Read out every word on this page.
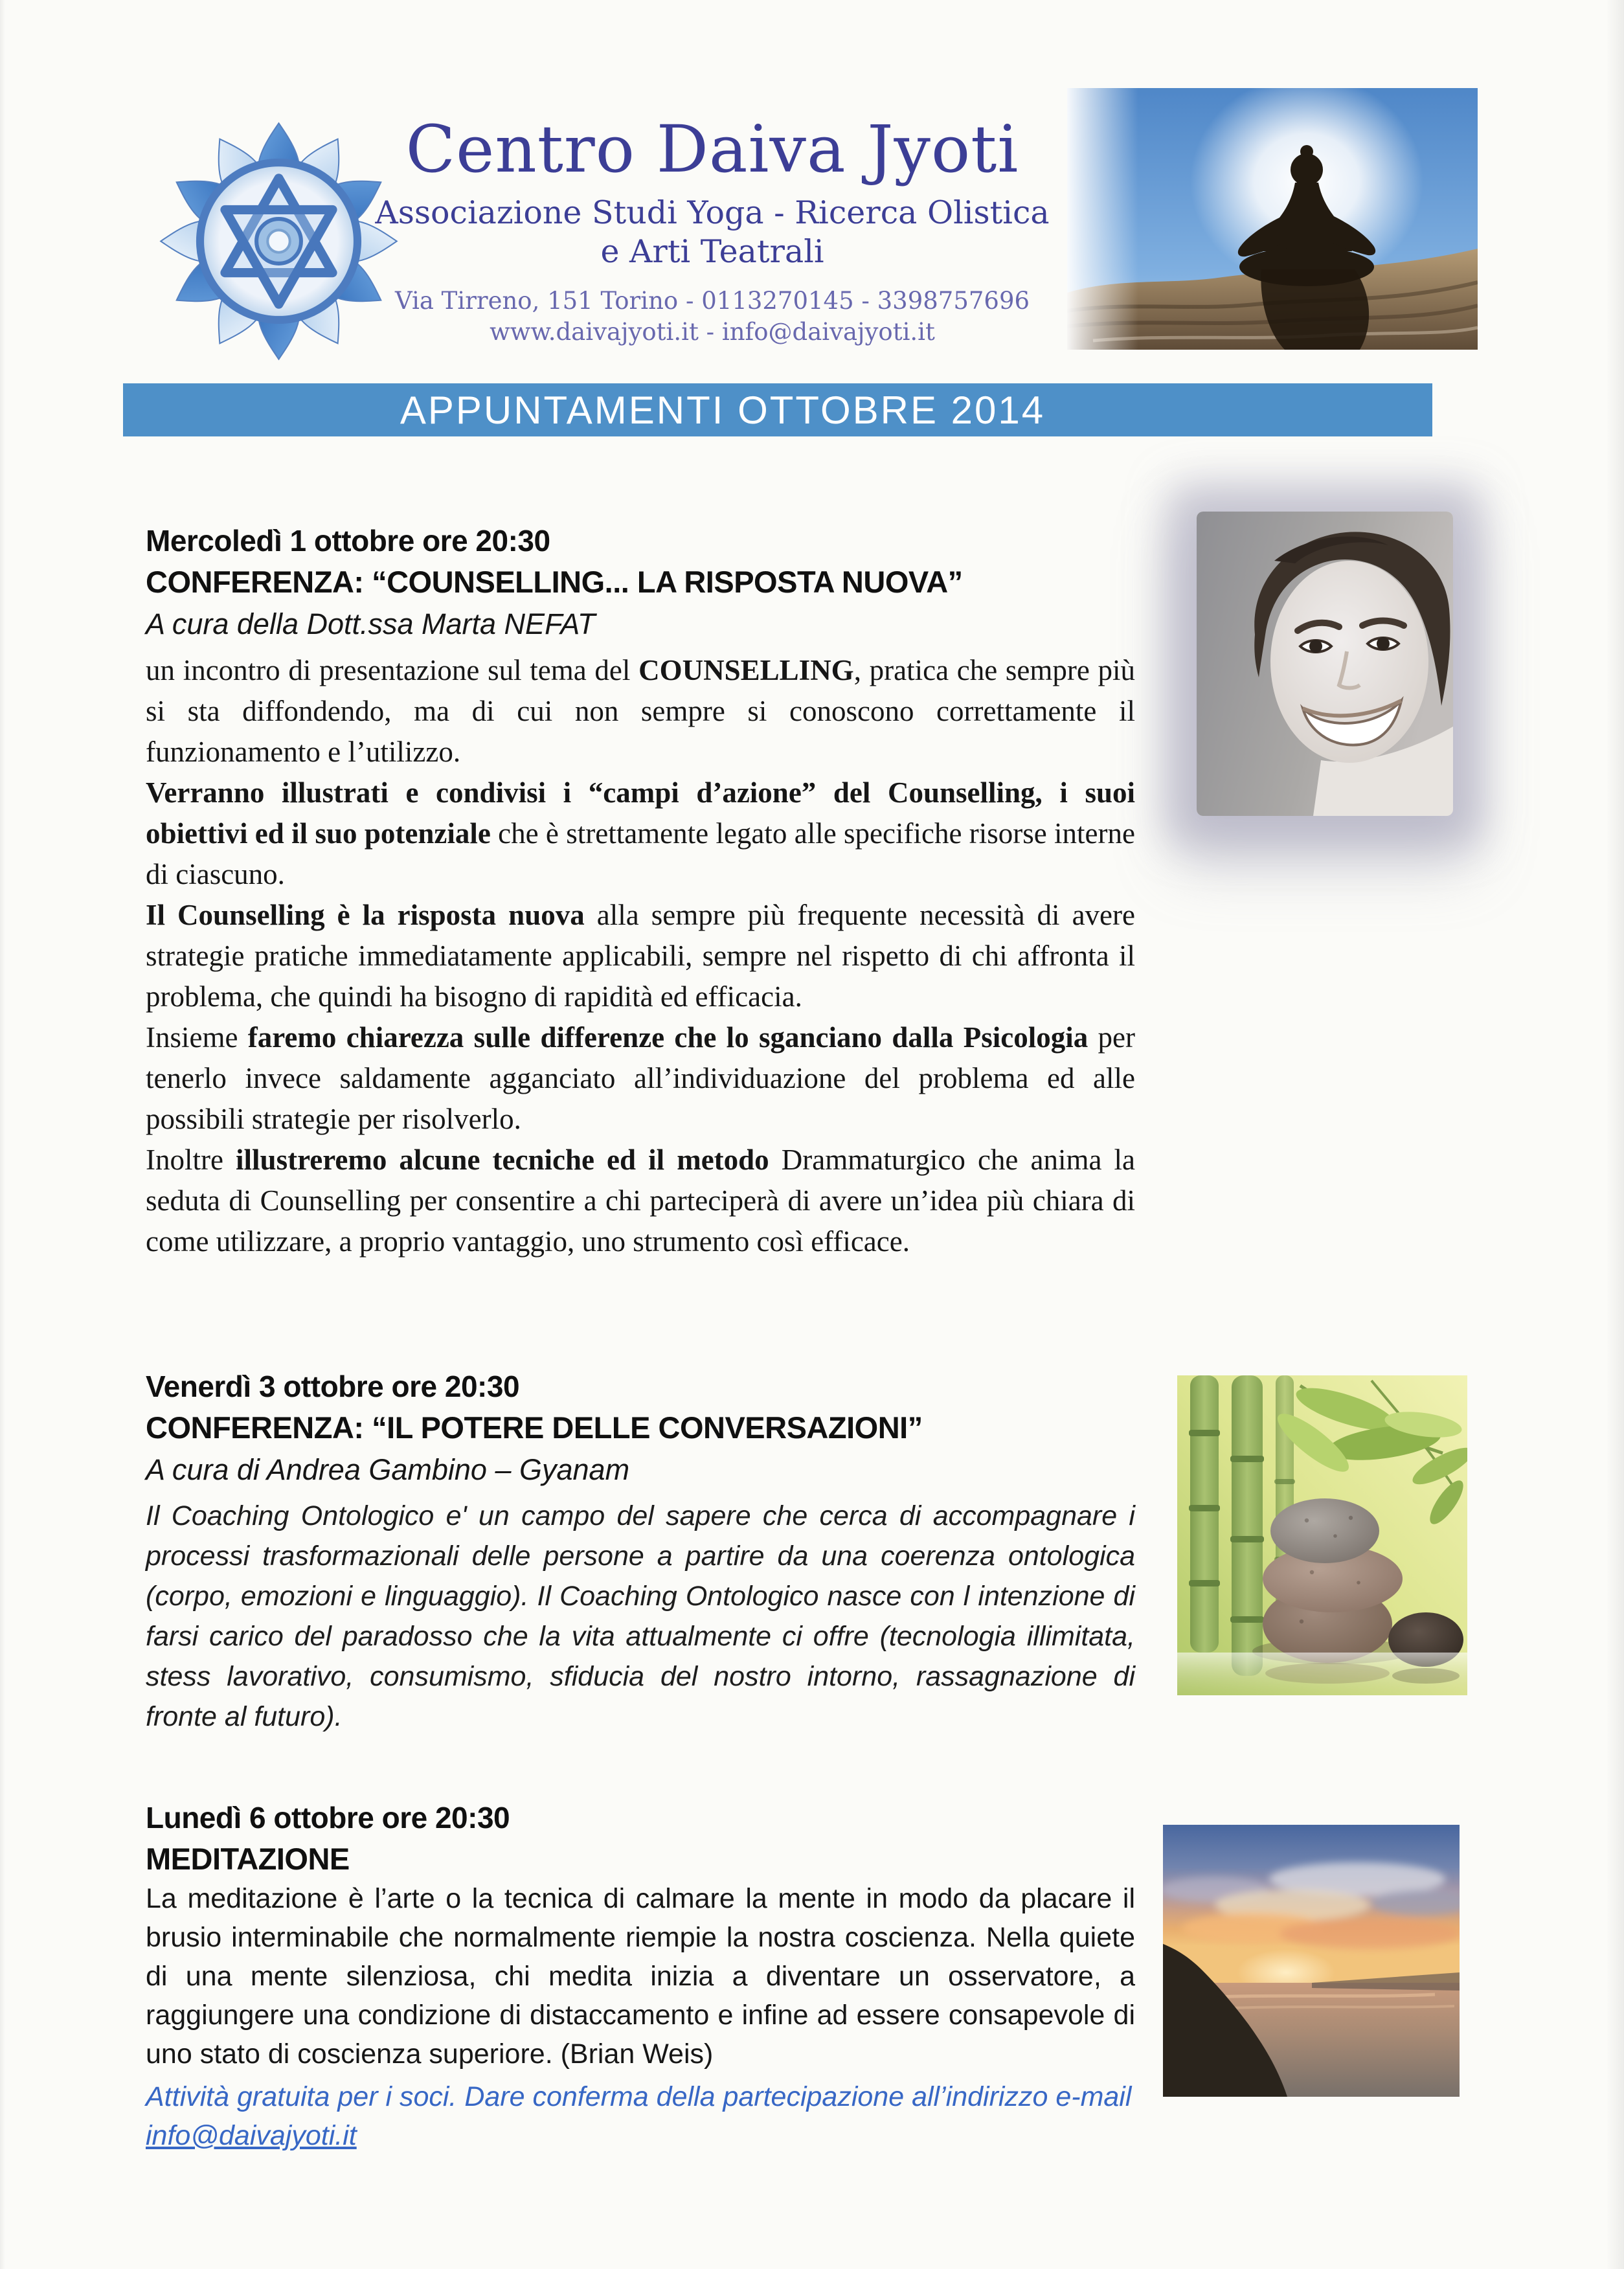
Centro Daiva Jyoti
Associazione Studi Yoga - Ricerca Olistica
e Arti Teatrali
Via Tirreno, 151 Torino - 0113270145 - 3398757696
www.daivajyoti.it - info@daivajyoti.it
APPUNTAMENTI OTTOBRE 2014
Mercoledì 1 ottobre ore 20:30
CONFERENZA: “COUNSELLING... LA RISPOSTA NUOVA”
A cura della Dott.ssa Marta NEFAT

un incontro di presentazione sul tema del COUNSELLING, pratica che sempre più si sta diffondendo, ma di cui non sempre si conoscono correttamente il funzionamento e l’utilizzo.

Verranno illustrati e condivisi i “campi d’azione” del Counselling, i suoi obiettivi ed il suo potenziale che è strettamente legato alle specifiche risorse interne di ciascuno.

Il Counselling è la risposta nuova alla sempre più frequente necessità di avere strategie pratiche immediatamente applicabili, sempre nel rispetto di chi affronta il problema, che quindi ha bisogno di rapidità ed efficacia.

Insieme faremo chiarezza sulle differenze che lo sganciano dalla Psicologia per tenerlo invece saldamente agganciato all’individuazione del problema ed alle possibili strategie per risolverlo.

Inoltre illustreremo alcune tecniche ed il metodo Drammaturgico che anima la seduta di Counselling per consentire a chi parteciperà di avere un’idea più chiara di come utilizzare, a proprio vantaggio, uno strumento così efficace.

Venerdì 3 ottobre ore 20:30
CONFERENZA: “IL POTERE DELLE CONVERSAZIONI”
A cura di Andrea Gambino – Gyanam

Il Coaching Ontologico e' un campo del sapere che cerca di accompagnare i processi trasformazionali delle persone a partire da una coerenza ontologica (corpo, emozioni e linguaggio). Il Coaching Ontologico nasce con l intenzione di farsi carico del paradosso che la vita attualmente ci offre (tecnologia illimitata, stess lavorativo, consumismo, sfiducia del nostro intorno, rassagnazione di fronte al futuro).

Lunedì 6 ottobre ore 20:30
MEDITAZIONE

La meditazione è l’arte o la tecnica di calmare la mente in modo da placare il brusio interminabile che normalmente riempie la nostra coscienza. Nella quiete di una mente silenziosa, chi medita inizia a diventare un osservatore, a raggiungere una condizione di distaccamento e infine ad essere consapevole di uno stato di coscienza superiore. (Brian Weis)

Attività gratuita per i soci. Dare conferma della partecipazione all’indirizzo e-mail info@daivajyoti.it
